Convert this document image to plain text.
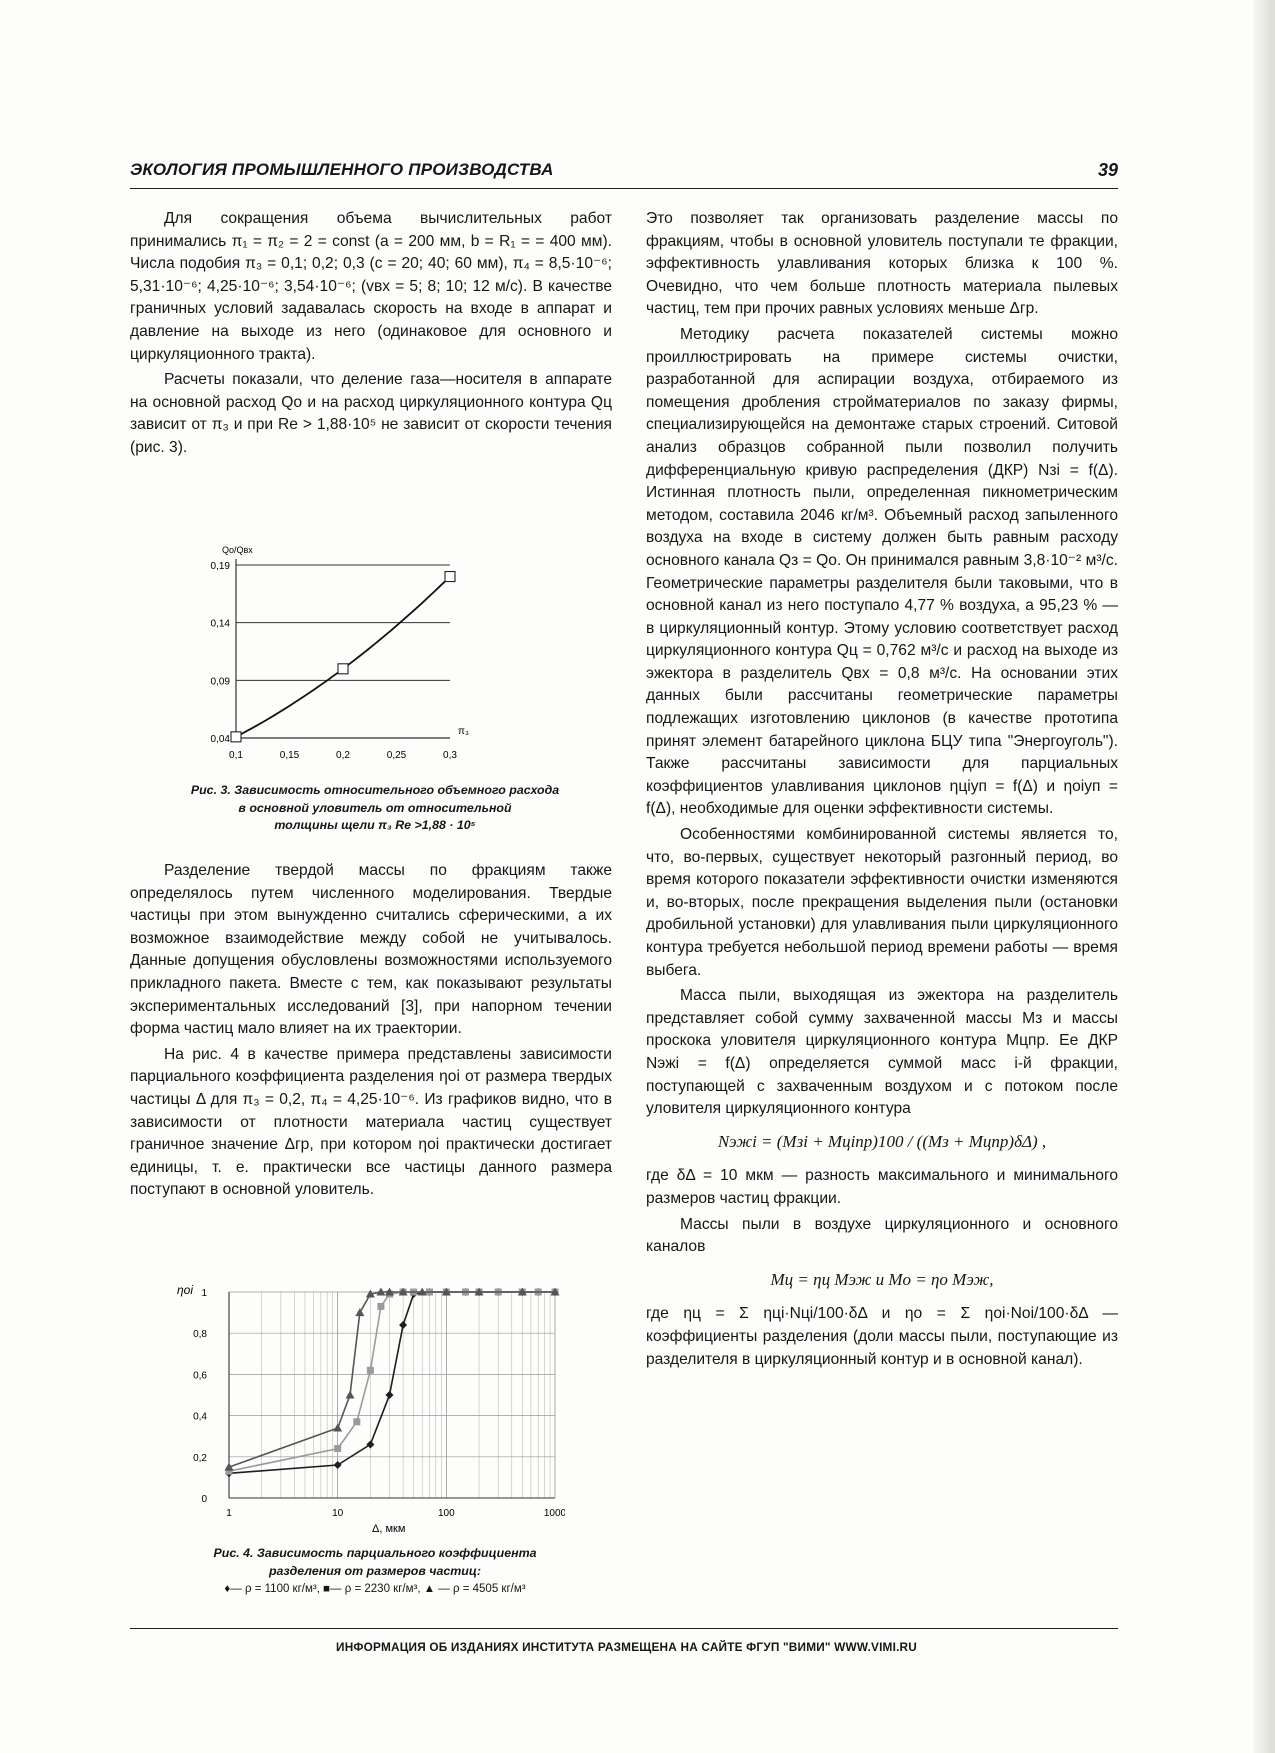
ЭКОЛОГИЯ ПРОМЫШЛЕННОГО ПРОИЗВОДСТВА	39

Для сокращения объема вычислительных работ принимались π₁ = π₂ = 2 = const (a = 200 мм, b = R₁ = = 400 мм). Числа подобия π₃ = 0,1; 0,2; 0,3 (c = 20; 40; 60 мм), π₄ = 8,5·10⁻⁶; 5,31·10⁻⁶; 4,25·10⁻⁶; 3,54·10⁻⁶; (vвх = 5; 8; 10; 12 м/с). В качестве граничных условий задавалась скорость на входе в аппарат и давление на выходе из него (одинаковое для основного и циркуляционного тракта).

Расчеты показали, что деление газа—носителя в аппарате на основной расход Qо и на расход циркуляционного контура Qц зависит от π₃ и при Re > 1,88·10⁵ не зависит от скорости течения (рис. 3).

0,04
0,09
0,14
0,19
0,1	0,15	0,2	0,25	0,3
Qо/Qвх
π₃
Рис. 3. Зависимость относительного объемного расхода
в основной уловитель от относительной
толщины щели π₃ Re >1,88 · 10⁵

Разделение твердой массы по фракциям также определялось путем численного моделирования. Твердые частицы при этом вынужденно считались сферическими, а их возможное взаимодействие между собой не учитывалось. Данные допущения обусловлены возможностями используемого прикладного пакета. Вместе с тем, как показывают результаты экспериментальных исследований [3], при напорном течении форма частиц мало влияет на их траектории.

На рис. 4 в качестве примера представлены зависимости парциального коэффициента разделения ηоi от размера твердых частицы Δ для π₃ = 0,2, π₄ = 4,25·10⁻⁶. Из графиков видно, что в зависимости от плотности материала частиц существует граничное значение Δгр, при котором ηоi практически достигает единицы, т. е. практически все частицы данного размера поступают в основной уловитель.

0
0,2
0,4
0,6
0,8
1
1	10	100	1000
ηоi
Δ, мкм
Рис. 4. Зависимость парциального коэффициента
разделения от размеров частиц:
♦— ρ = 1100 кг/м³, ■— ρ = 2230 кг/м³, ▲ — ρ = 4505 кг/м³

Это позволяет так организовать разделение массы по фракциям, чтобы в основной уловитель поступали те фракции, эффективность улавливания которых близка к 100 %. Очевидно, что чем больше плотность материала пылевых частиц, тем при прочих равных условиях меньше Δгр.

Методику расчета показателей системы можно проиллюстрировать на примере системы очистки, разработанной для аспирации воздуха, отбираемого из помещения дробления стройматериалов по заказу фирмы, специализирующейся на демонтаже старых строений. Ситовой анализ образцов собранной пыли позволил получить дифференциальную кривую распределения (ДКР) Nзi = f(Δ). Истинная плотность пыли, определенная пикнометрическим методом, составила 2046 кг/м³. Объемный расход запыленного воздуха на входе в систему должен быть равным расходу основного канала Qз = Qо. Он принимался равным 3,8·10⁻² м³/с. Геометрические параметры разделителя были таковыми, что в основной канал из него поступало 4,77 % воздуха, а 95,23 % — в циркуляционный контур. Этому условию соответствует расход циркуляционного контура Qц = 0,762 м³/с и расход на выходе из эжектора в разделитель Qвх = 0,8 м³/с. На основании этих данных были рассчитаны геометрические параметры подлежащих изготовлению циклонов (в качестве прототипа принят элемент батарейного циклона БЦУ типа "Энергоуголь"). Также рассчитаны зависимости для парциальных коэффициентов улавливания циклонов ηцiуп = f(Δ) и ηоiуп = f(Δ), необходимые для оценки эффективности системы.

Особенностями комбинированной системы является то, что, во-первых, существует некоторый разгонный период, во время которого показатели эффективности очистки изменяются и, во-вторых, после прекращения выделения пыли (остановки дробильной установки) для улавливания пыли циркуляционного контура требуется небольшой период времени работы — время выбега.

Масса пыли, выходящая из эжектора на разделитель представляет собой сумму захваченной массы Mз и массы проскока уловителя циркуляционного контура Mцпр. Ее ДКР Nэжi = f(Δ) определяется суммой масс i-й фракции, поступающей с захваченным воздухом и с потоком после уловителя циркуляционного контура

Nэжi = (Mзi + Mцiпр)100 / ((Mз + Mцпр)δΔ) ,

где δΔ = 10 мкм — разность максимального и минимального размеров частиц фракции.

Массы пыли в воздухе циркуляционного и основного каналов

Mц = ηц Mэж и Mо = ηо Mэж,

где ηц = Σ ηцi·Nцi/100·δΔ и ηо = Σ ηоi·Nоi/100·δΔ — коэффициенты разделения (доли массы пыли, поступающие из разделителя в циркуляционный контур и в основной канал).

ИНФОРМАЦИЯ ОБ ИЗДАНИЯХ ИНСТИТУТА РАЗМЕЩЕНА НА САЙТЕ ФГУП "ВИМИ" WWW.VIMI.RU
